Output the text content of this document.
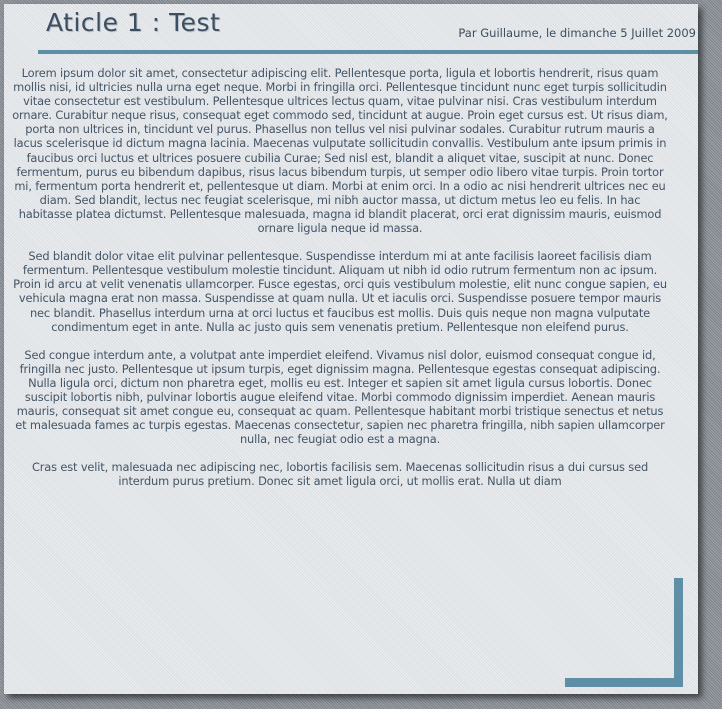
Aticle 1 : Test	Par Guillaume, le dimanche 5 Juillet 2009

Lorem ipsum dolor sit amet, consectetur adipiscing elit. Pellentesque porta, ligula et lobortis hendrerit, risus quam mollis nisi, id ultricies nulla urna eget neque. Morbi in fringilla orci. Pellentesque tincidunt nunc eget turpis sollicitudin vitae consectetur est vestibulum. Pellentesque ultrices lectus quam, vitae pulvinar nisi. Cras vestibulum interdum ornare. Curabitur neque risus, consequat eget commodo sed, tincidunt at augue. Proin eget cursus est. Ut risus diam, porta non ultrices in, tincidunt vel purus. Phasellus non tellus vel nisi pulvinar sodales. Curabitur rutrum mauris a lacus scelerisque id dictum magna lacinia. Maecenas vulputate sollicitudin convallis. Vestibulum ante ipsum primis in faucibus orci luctus et ultrices posuere cubilia Curae; Sed nisl est, blandit a aliquet vitae, suscipit at nunc. Donec fermentum, purus eu bibendum dapibus, risus lacus bibendum turpis, ut semper odio libero vitae turpis. Proin tortor mi, fermentum porta hendrerit et, pellentesque ut diam. Morbi at enim orci. In a odio ac nisi hendrerit ultrices nec eu diam. Sed blandit, lectus nec feugiat scelerisque, mi nibh auctor massa, ut dictum metus leo eu felis. In hac habitasse platea dictumst. Pellentesque malesuada, magna id blandit placerat, orci erat dignissim mauris, euismod ornare ligula neque id massa.

Sed blandit dolor vitae elit pulvinar pellentesque. Suspendisse interdum mi at ante facilisis laoreet facilisis diam fermentum. Pellentesque vestibulum molestie tincidunt. Aliquam ut nibh id odio rutrum fermentum non ac ipsum. Proin id arcu at velit venenatis ullamcorper. Fusce egestas, orci quis vestibulum molestie, elit nunc congue sapien, eu vehicula magna erat non massa. Suspendisse at quam nulla. Ut et iaculis orci. Suspendisse posuere tempor mauris nec blandit. Phasellus interdum urna at orci luctus et faucibus est mollis. Duis quis neque non magna vulputate condimentum eget in ante. Nulla ac justo quis sem venenatis pretium. Pellentesque non eleifend purus.

Sed congue interdum ante, a volutpat ante imperdiet eleifend. Vivamus nisl dolor, euismod consequat congue id, fringilla nec justo. Pellentesque ut ipsum turpis, eget dignissim magna. Pellentesque egestas consequat adipiscing. Nulla ligula orci, dictum non pharetra eget, mollis eu est. Integer et sapien sit amet ligula cursus lobortis. Donec suscipit lobortis nibh, pulvinar lobortis augue eleifend vitae. Morbi commodo dignissim imperdiet. Aenean mauris mauris, consequat sit amet congue eu, consequat ac quam. Pellentesque habitant morbi tristique senectus et netus et malesuada fames ac turpis egestas. Maecenas consectetur, sapien nec pharetra fringilla, nibh sapien ullamcorper nulla, nec feugiat odio est a magna.

Cras est velit, malesuada nec adipiscing nec, lobortis facilisis sem. Maecenas sollicitudin risus a dui cursus sed interdum purus pretium. Donec sit amet ligula orci, ut mollis erat. Nulla ut diam
